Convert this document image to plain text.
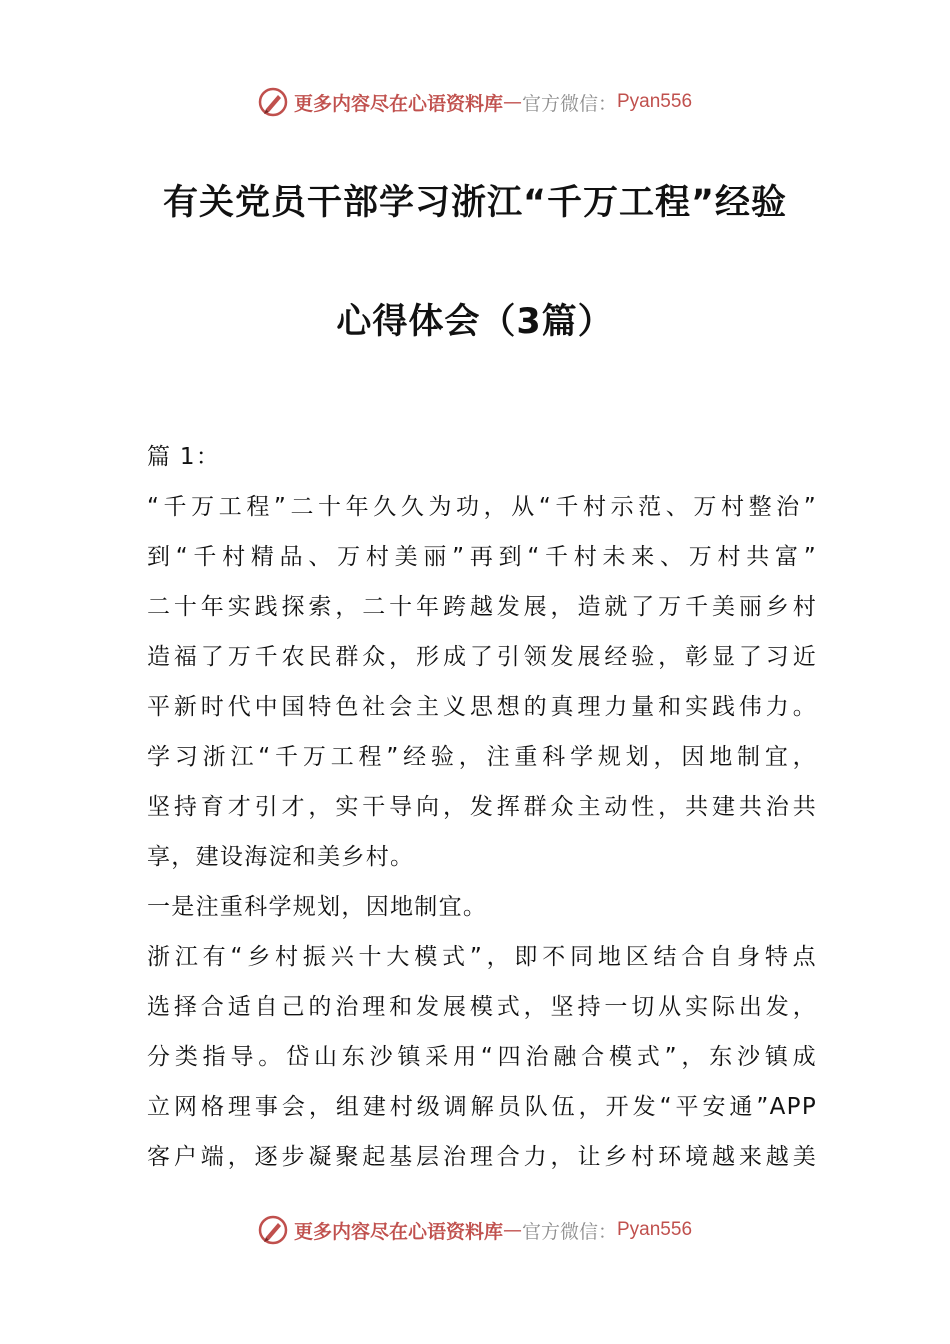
更多内容尽在心语资料库 — 官方微信： Pyan556
有关党员干部学习浙江“千万工程”经验
心得体会（3篇）
篇 1：
“千万工程”二十年久久为功，从“千村示范、万村整治”
到“千村精品、万村美丽”再到“千村未来、万村共富”
二十年实践探索，二十年跨越发展，造就了万千美丽乡村
造福了万千农民群众，形成了引领发展经验，彰显了习近
平新时代中国特色社会主义思想的真理力量和实践伟力。
学习浙江“千万工程”经验，注重科学规划，因地制宜，
坚持育才引才，实干导向，发挥群众主动性，共建共治共
享，建设海淀和美乡村。
一是注重科学规划，因地制宜。
浙江有“乡村振兴十大模式”，即不同地区结合自身特点
选择合适自己的治理和发展模式，坚持一切从实际出发，
分类指导。岱山东沙镇采用“四治融合模式”，东沙镇成
立网格理事会，组建村级调解员队伍，开发“平安通”APP
客户端，逐步凝聚起基层治理合力，让乡村环境越来越美
更多内容尽在心语资料库 — 官方微信： Pyan556
